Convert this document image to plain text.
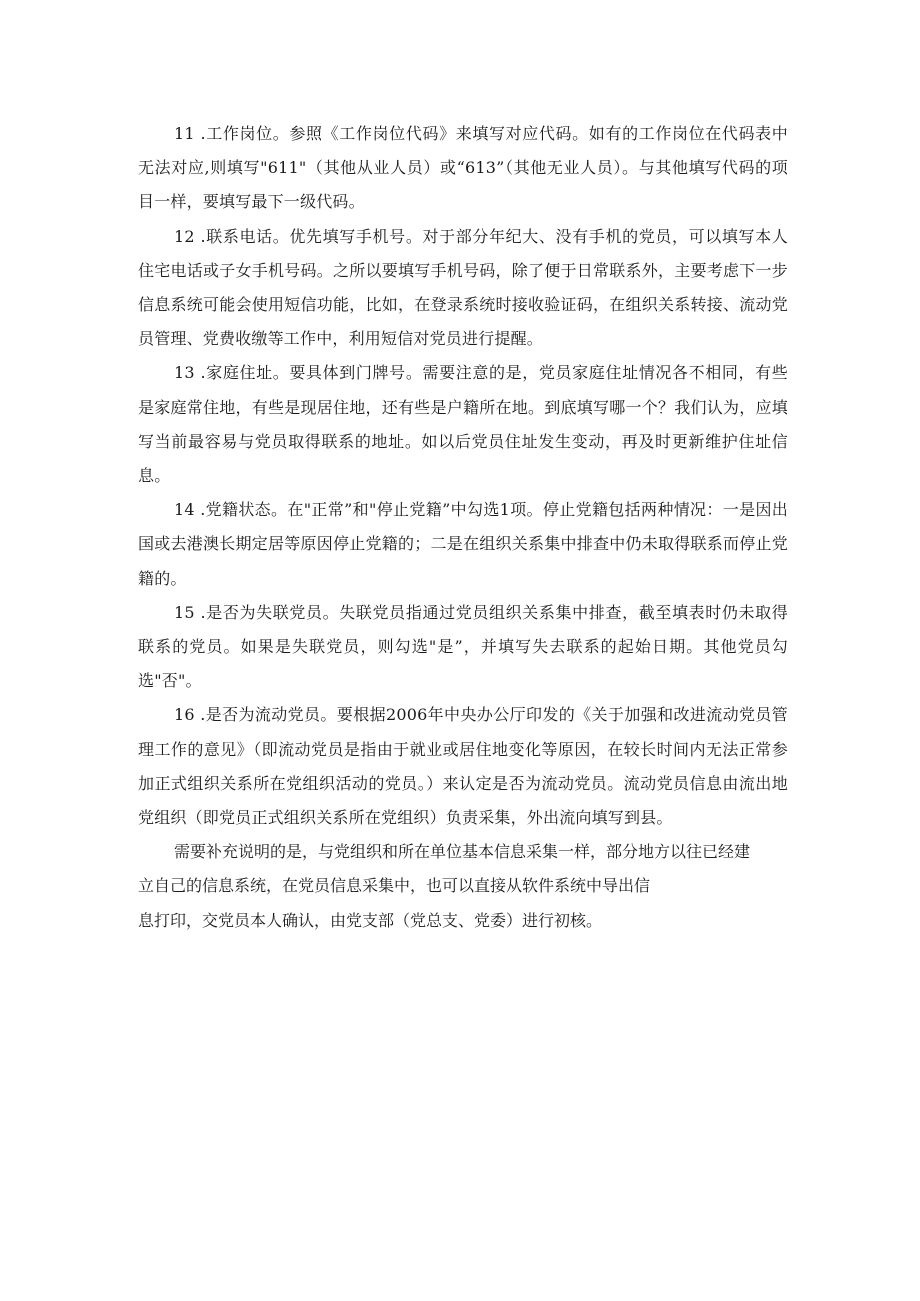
11 .工作岗位。参照《工作岗位代码》来填写对应代码。如有的工作岗位在代码表中无法对应,则填写"611"（其他从业人员）或“613”（其他无业人员）。与其他填写代码的项目一样，要填写最下一级代码。

12 .联系电话。优先填写手机号。对于部分年纪大、没有手机的党员，可以填写本人住宅电话或子女手机号码。之所以要填写手机号码，除了便于日常联系外，主要考虑下一步信息系统可能会使用短信功能，比如，在登录系统时接收验证码，在组织关系转接、流动党员管理、党费收缴等工作中，利用短信对党员进行提醒。

13 .家庭住址。要具体到门牌号。需要注意的是，党员家庭住址情况各不相同，有些是家庭常住地，有些是现居住地，还有些是户籍所在地。到底填写哪一个？我们认为，应填写当前最容易与党员取得联系的地址。如以后党员住址发生变动，再及时更新维护住址信息。

14 .党籍状态。在"正常”和"停止党籍”中勾选1项。停止党籍包括两种情况：一是因出国或去港澳长期定居等原因停止党籍的；二是在组织关系集中排查中仍未取得联系而停止党籍的。

15 .是否为失联党员。失联党员指通过党员组织关系集中排查，截至填表时仍未取得联系的党员。如果是失联党员，则勾选"是”，并填写失去联系的起始日期。其他党员勾选"否"。

16 .是否为流动党员。要根据2006年中央办公厅印发的《关于加强和改进流动党员管理工作的意见》（即流动党员是指由于就业或居住地变化等原因，在较长时间内无法正常参加正式组织关系所在党组织活动的党员。）来认定是否为流动党员。流动党员信息由流出地党组织（即党员正式组织关系所在党组织）负责采集，外出流向填写到县。

需要补充说明的是，与党组织和所在单位基本信息采集一样，部分地方以往已经建
立自己的信息系统，在党员信息采集中，也可以直接从软件系统中导出信
息打印，交党员本人确认，由党支部（党总支、党委）进行初核。
